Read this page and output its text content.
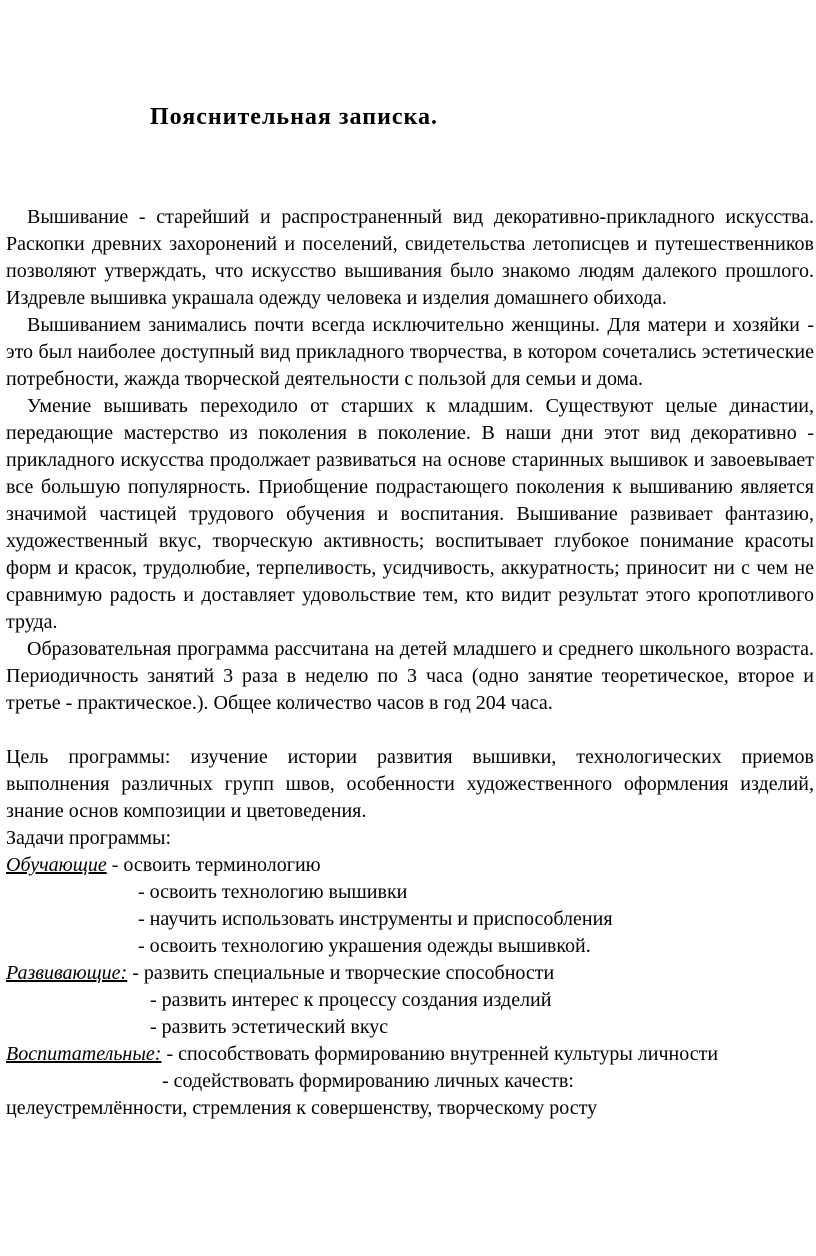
Пояснительная записка.

Вышивание - старейший и распространенный вид декоративно-прикладного искусства. Раскопки древних захоронений и поселений, свидетельства летописцев и путешественников позволяют утверждать, что искусство вышивания было знакомо людям далекого прошлого. Издревле вышивка украшала одежду человека и изделия домашнего обихода.

Вышиванием занимались почти всегда исключительно женщины. Для матери и хозяйки - это был наиболее доступный вид прикладного творчества, в котором сочетались эстетические потребности, жажда творческой деятельности с пользой для семьи и дома.

Умение вышивать переходило от старших к младшим. Существуют целые династии, передающие мастерство из поколения в поколение. В наши дни этот вид декоративно - прикладного искусства продолжает развиваться на основе старинных вышивок и завоевывает все большую популярность. Приобщение подрастающего поколения к вышиванию является значимой частицей трудового обучения и воспитания. Вышивание развивает фантазию, художественный вкус, творческую активность; воспитывает глубокое понимание красоты форм и красок, трудолюбие, терпеливость, усидчивость, аккуратность; приносит ни с чем не сравнимую радость и доставляет удовольствие тем, кто видит результат этого кропотливого труда.

Образовательная программа рассчитана на детей младшего и среднего школьного возраста. Периодичность занятий 3 раза в неделю по 3 часа (одно занятие теоретическое, второе и третье - практическое.). Общее количество часов в год 204 часа.

Цель программы: изучение истории развития вышивки, технологических приемов выполнения различных групп швов, особенности художественного оформления изделий, знание основ композиции и цветоведения.

Задачи программы:

Обучающие - освоить терминологию

- освоить технологию вышивки

- научить использовать инструменты и приспособления

- освоить технологию украшения одежды вышивкой.

Развивающие: - развить специальные и творческие способности

- развить интерес к процессу создания изделий

- развить эстетический вкус

Воспитательные: - способствовать формированию внутренней культуры личности

- содействовать формированию личных качеств:

целеустремлённости, стремления к совершенству, творческому росту
